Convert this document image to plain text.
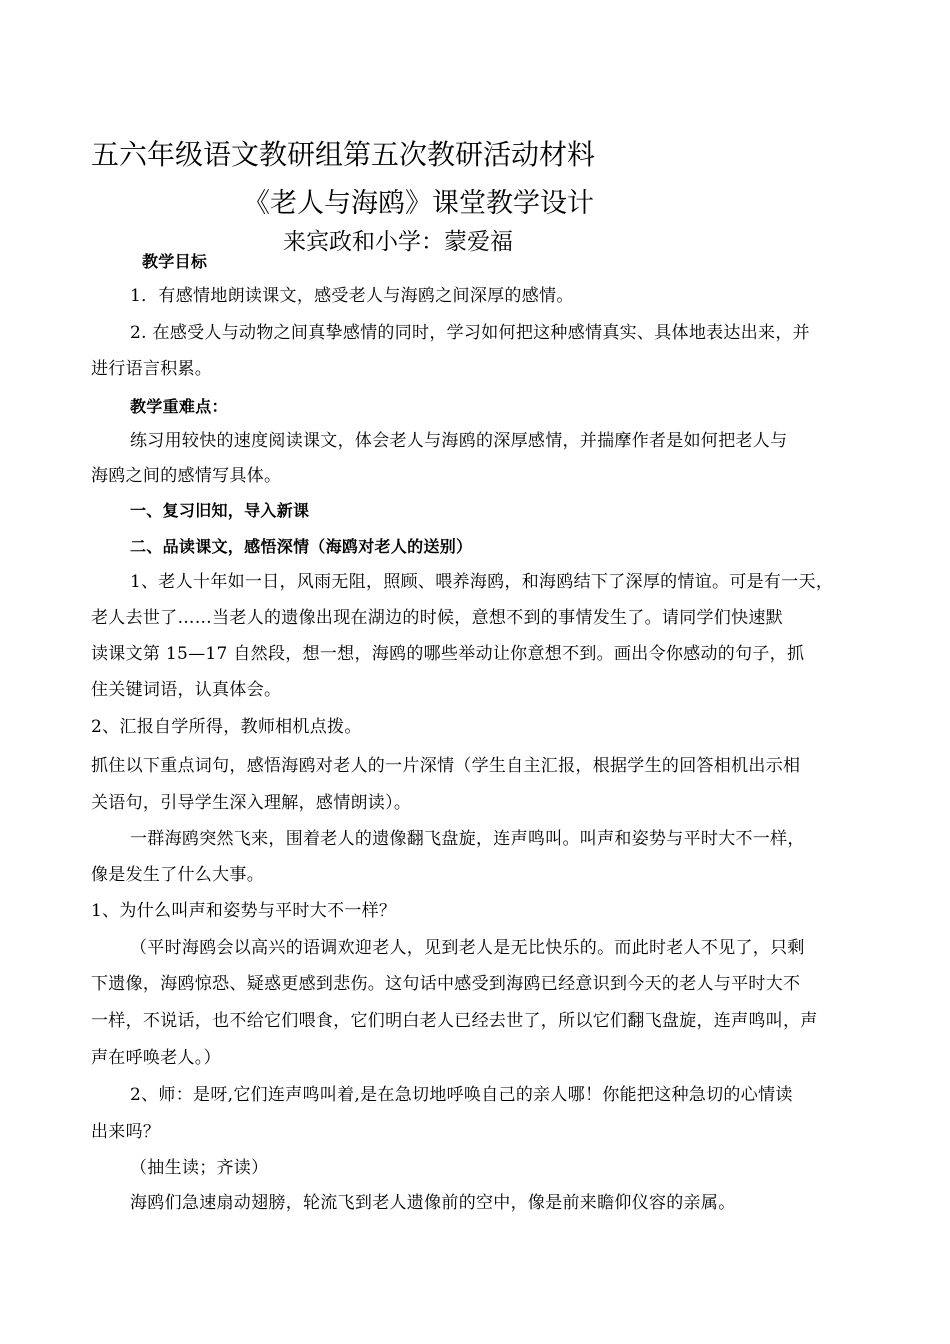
五六年级语文教研组第五次教研活动材料
《老人与海鸥》课堂教学设计
来宾政和小学：蒙爱福
教学目标
1．有感情地朗读课文，感受老人与海鸥之间深厚的感情。
2. 在感受人与动物之间真挚感情的同时，学习如何把这种感情真实、具体地表达出来，并
进行语言积累。
教学重难点：
练习用较快的速度阅读课文，体会老人与海鸥的深厚感情，并揣摩作者是如何把老人与
海鸥之间的感情写具体。
一、复习旧知，导入新课
二、品读课文，感悟深情（海鸥对老人的送别）
1、老人十年如一日，风雨无阻，照顾、喂养海鸥，和海鸥结下了深厚的情谊。可是有一天，
老人去世了……当老人的遗像出现在湖边的时候，意想不到的事情发生了。请同学们快速默
读课文第 15—17 自然段，想一想，海鸥的哪些举动让你意想不到。画出令你感动的句子，抓
住关键词语，认真体会。
2、汇报自学所得，教师相机点拨。
抓住以下重点词句，感悟海鸥对老人的一片深情（学生自主汇报，根据学生的回答相机出示相
关语句，引导学生深入理解，感情朗读）。
一群海鸥突然飞来，围着老人的遗像翻飞盘旋，连声鸣叫。叫声和姿势与平时大不一样，
像是发生了什么大事。
1、为什么叫声和姿势与平时大不一样？
（平时海鸥会以高兴的语调欢迎老人，见到老人是无比快乐的。而此时老人不见了，只剩
下遗像，海鸥惊恐、疑惑更感到悲伤。这句话中感受到海鸥已经意识到今天的老人与平时大不
一样，不说话，也不给它们喂食，它们明白老人已经去世了，所以它们翻飞盘旋，连声鸣叫，声
声在呼唤老人。）
2、师：是呀,它们连声鸣叫着,是在急切地呼唤自己的亲人哪！你能把这种急切的心情读
出来吗？
（抽生读；齐读）
海鸥们急速扇动翅膀，轮流飞到老人遗像前的空中，像是前来瞻仰仪容的亲属。
